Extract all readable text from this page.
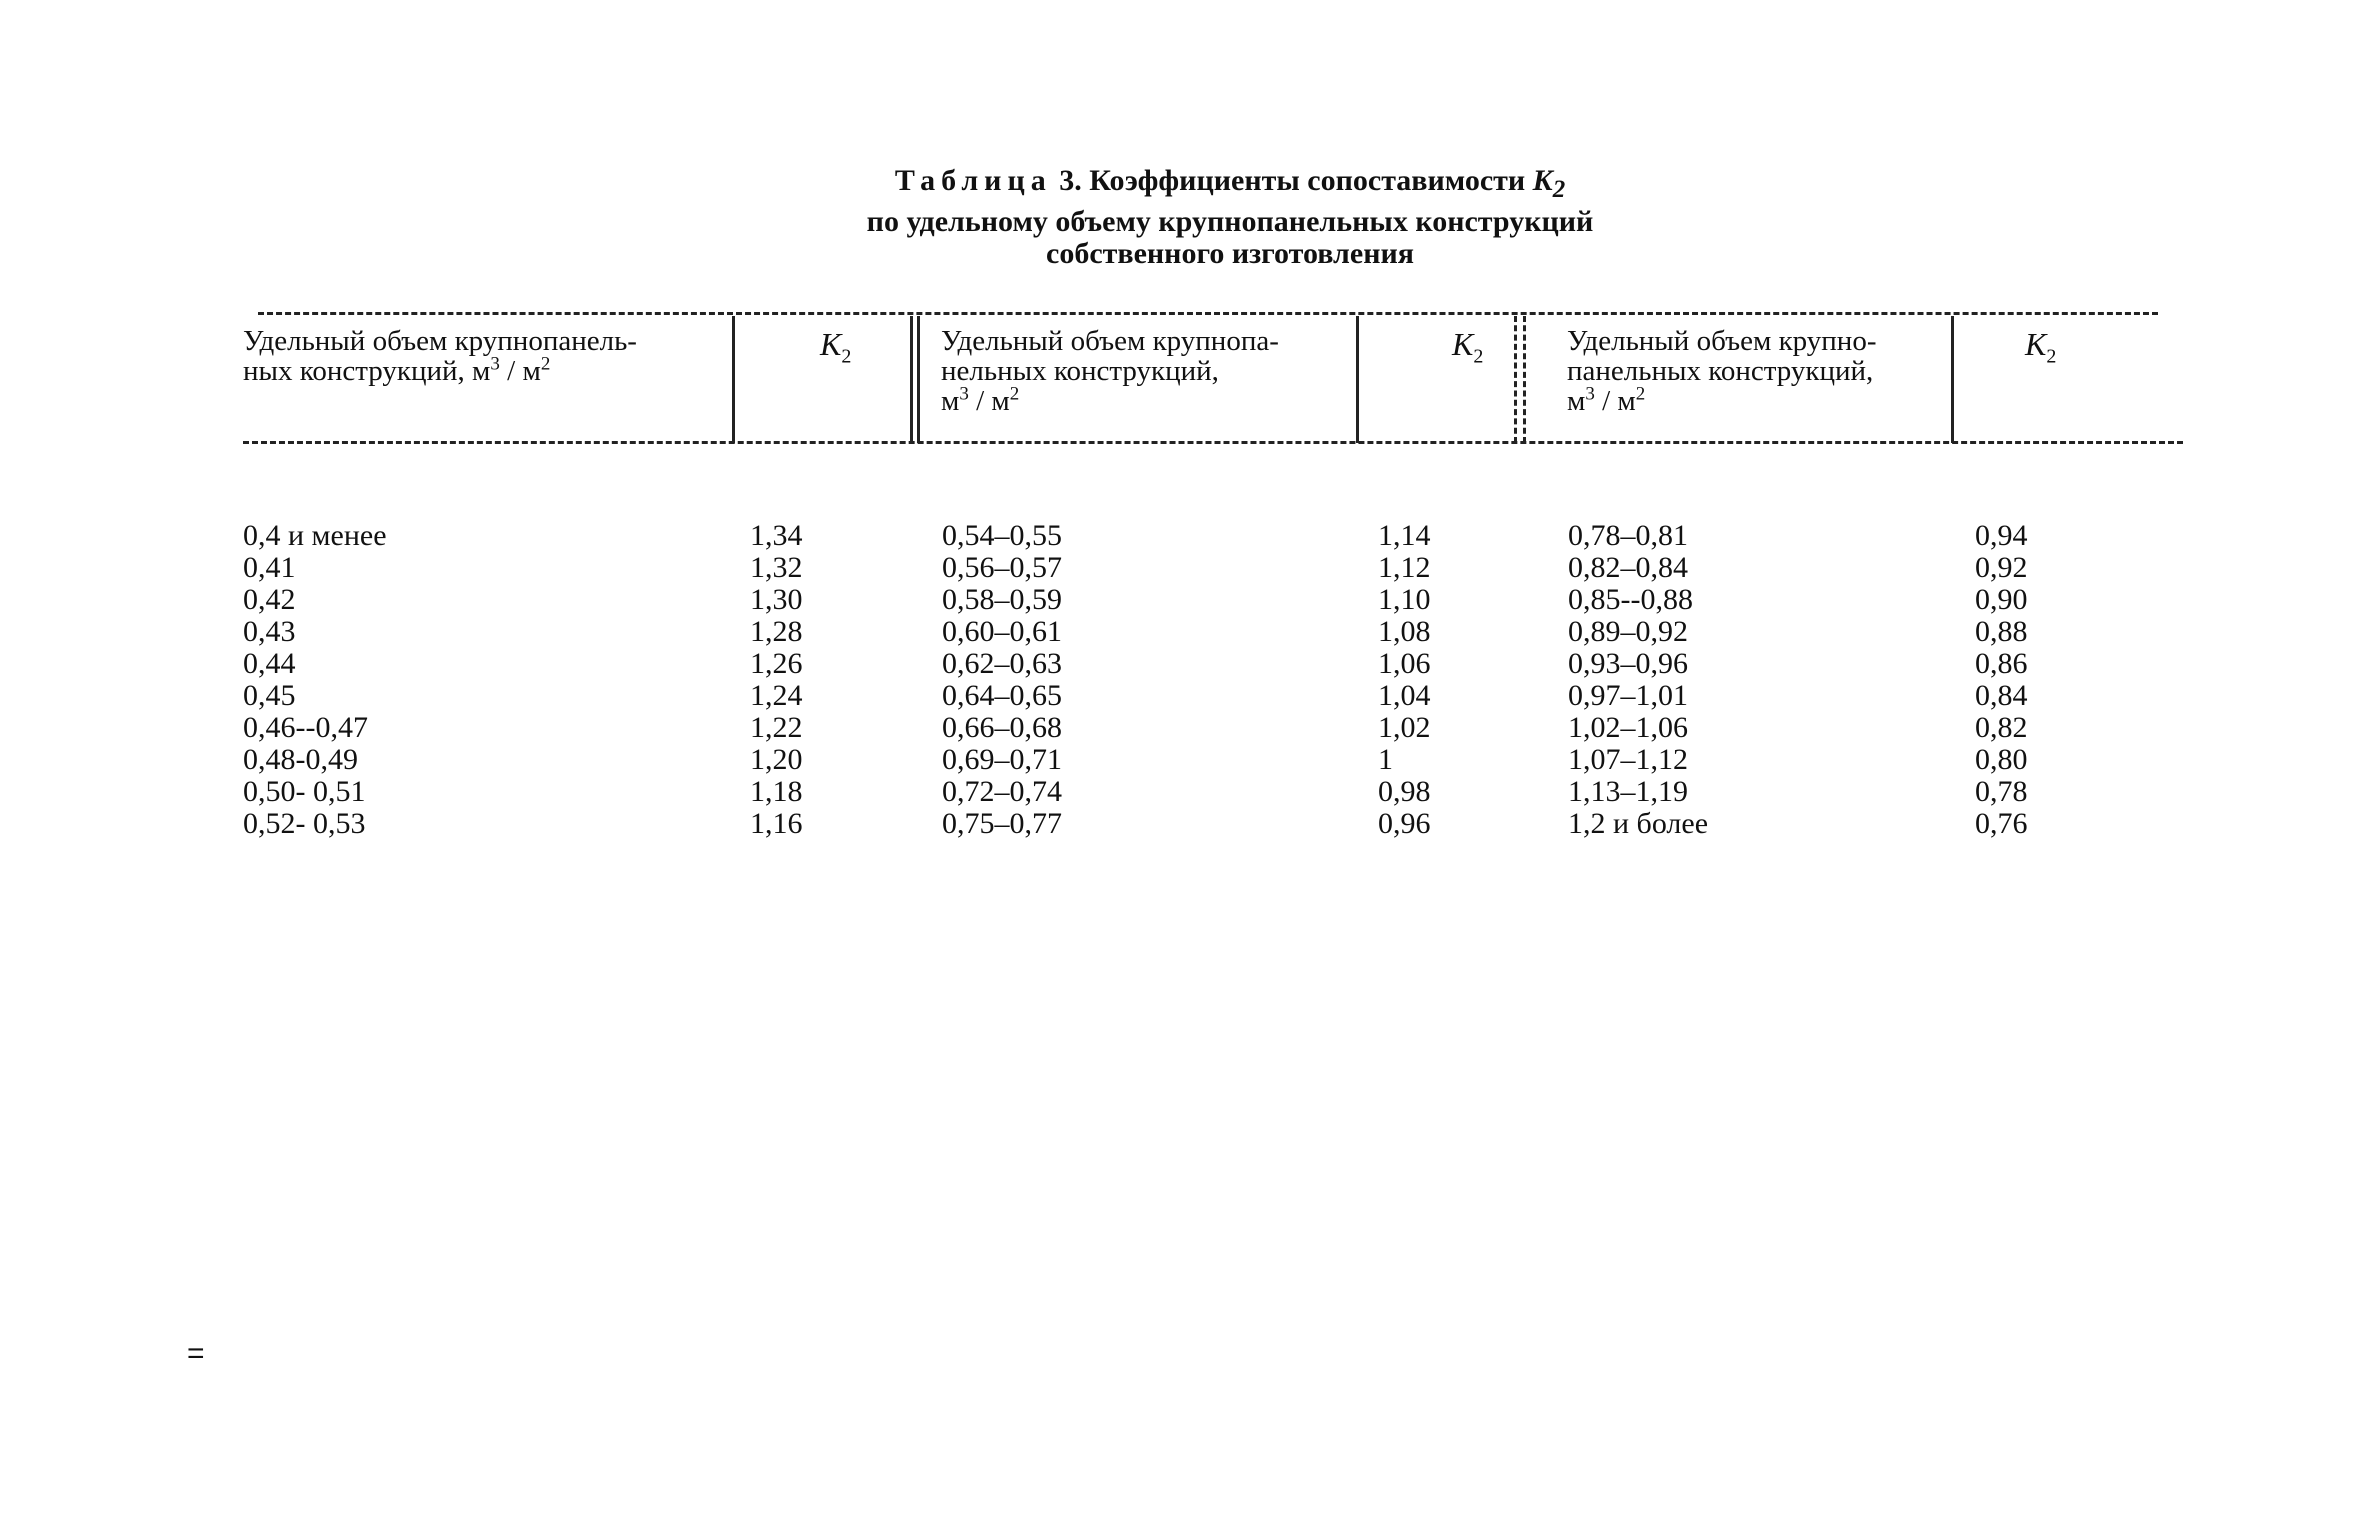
Таблица 3. Коэффициенты сопоставимости $K_2$
по удельному объему крупнопанельных конструкций
собственного изготовления
Удельный объем крупнопанель-
ных конструкций, $м^3 / м^2$
$K_2$	Удельный объем крупнопа-
нельных конструкций,
$м^3 / м^2$
$K_2$	Удельный объем крупно-
панельных конструкций,
$м^3 / м^2$
$K_2$
0,4 и менее
0,41
0,42
0,43
0,44
0,45
0,46--0,47
0,48-0,49
0,50- 0,51
0,52- 0,53
1,34
1,32
1,30
1,28
1,26
1,24
1,22
1,20
1,18
1,16
0,54–0,55
0,56–0,57
0,58–0,59
0,60–0,61
0,62–0,63
0,64–0,65
0,66–0,68
0,69–0,71
0,72–0,74
0,75–0,77
1,14
1,12
1,10
1,08
1,06
1,04
1,02
1
0,98
0,96
0,78–0,81
0,82–0,84
0,85--0,88
0,89–0,92
0,93–0,96
0,97–1,01
1,02–1,06
1,07–1,12
1,13–1,19
1,2 и более
0,94
0,92
0,90
0,88
0,86
0,84
0,82
0,80
0,78
0,76
=
